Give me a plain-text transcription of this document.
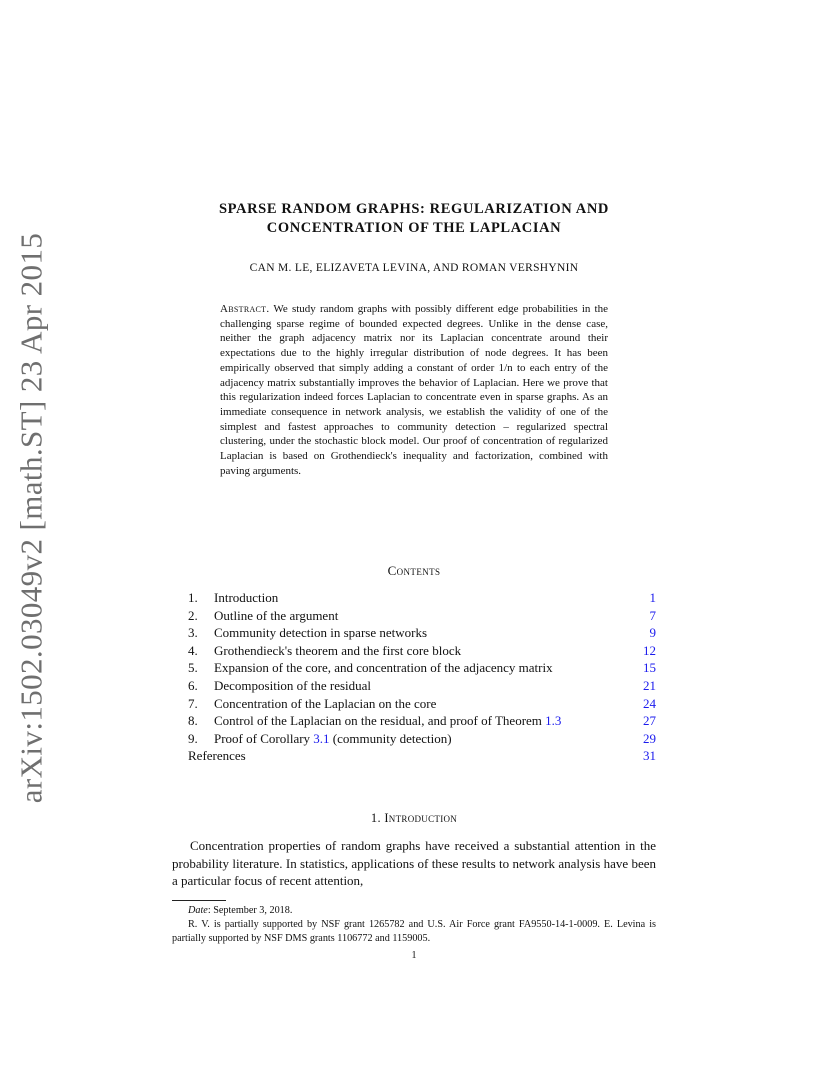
arXiv:1502.03049v2 [math.ST] 23 Apr 2015
SPARSE RANDOM GRAPHS: REGULARIZATION AND
CONCENTRATION OF THE LAPLACIAN
CAN M. LE, ELIZAVETA LEVINA, AND ROMAN VERSHYNIN
Abstract. We study random graphs with possibly different edge probabilities in the challenging sparse regime of bounded expected degrees. Unlike in the dense case, neither the graph adjacency matrix nor its Laplacian concentrate around their expectations due to the highly irregular distribution of node degrees. It has been empirically observed that simply adding a constant of order 1/n to each entry of the adjacency matrix substantially improves the behavior of Laplacian. Here we prove that this regularization indeed forces Laplacian to concentrate even in sparse graphs. As an immediate consequence in network analysis, we establish the validity of one of the simplest and fastest approaches to community detection – regularized spectral clustering, under the stochastic block model. Our proof of concentration of regularized Laplacian is based on Grothendieck's inequality and factorization, combined with paving arguments.
Contents
1.	Introduction	1
2.	Outline of the argument	7
3.	Community detection in sparse networks	9
4.	Grothendieck's theorem and the first core block	12
5.	Expansion of the core, and concentration of the adjacency matrix	15
6.	Decomposition of the residual	21
7.	Concentration of the Laplacian on the core	24
8.	Control of the Laplacian on the residual, and proof of Theorem 1.3	27
9.	Proof of Corollary 3.1 (community detection)	29
References	31
1. Introduction
Concentration properties of random graphs have received a substantial attention in the probability literature. In statistics, applications of these results to network analysis have been a particular focus of recent attention,

Date: September 3, 2018.

R. V. is partially supported by NSF grant 1265782 and U.S. Air Force grant FA9550-14-1-0009. E. Levina is partially supported by NSF DMS grants 1106772 and 1159005.

1
